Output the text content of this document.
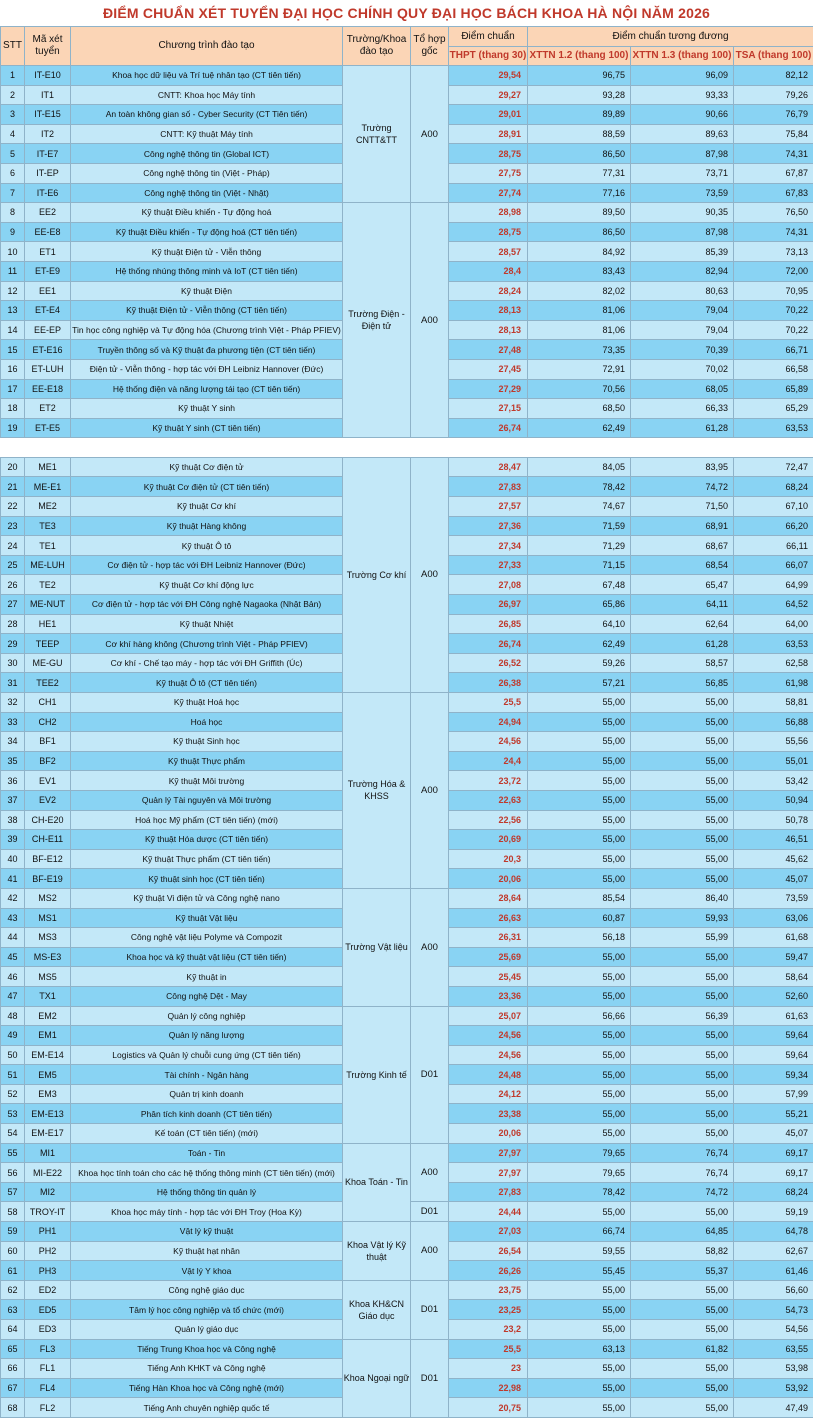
ĐIỂM CHUẨN XÉT TUYỂN ĐẠI HỌC CHÍNH QUY ĐẠI HỌC BÁCH KHOA HÀ NỘI NĂM 2026
STT	Mã xét tuyển	Chương trình đào tạo	Trường/Khoa đào tạo	Tổ hợp gốc	Điểm chuẩn	Điểm chuẩn tương đương		
					THPT (thang 30)	XTTN 1.2 (thang 100)	XTTN 1.3 (thang 100)	TSA (thang 100)
1	IT-E10	Khoa học dữ liệu và Trí tuệ nhân tạo (CT tiên tiến)	Trường CNTT&TT	A00	29,54	96,75	96,09	82,12
2	IT1	CNTT: Khoa học Máy tính			29,27	93,28	93,33	79,26
3	IT-E15	An toàn không gian số - Cyber Security (CT Tiên tiến)			29,01	89,89	90,66	76,79
4	IT2	CNTT: Kỹ thuật Máy tính			28,91	88,59	89,63	75,84
5	IT-E7	Công nghệ thông tin (Global ICT)			28,75	86,50	87,98	74,31
6	IT-EP	Công nghệ thông tin (Việt - Pháp)			27,75	77,31	73,71	67,87
7	IT-E6	Công nghệ thông tin (Việt - Nhật)			27,74	77,16	73,59	67,83
8	EE2	Kỹ thuật Điều khiển - Tự động hoá	Trường Điện - Điện tử	A00	28,98	89,50	90,35	76,50
9	EE-E8	Kỹ thuật Điều khiển - Tự động hoá (CT tiên tiến)			28,75	86,50	87,98	74,31
10	ET1	Kỹ thuật Điện tử - Viễn thông			28,57	84,92	85,39	73,13
11	ET-E9	Hệ thống nhúng thông minh và IoT (CT tiên tiến)			28,4	83,43	82,94	72,00
12	EE1	Kỹ thuật Điện			28,24	82,02	80,63	70,95
13	ET-E4	Kỹ thuật Điện tử - Viễn thông (CT tiên tiến)			28,13	81,06	79,04	70,22
14	EE-EP	Tin học công nghiệp và Tự động hóa (Chương trình Việt - Pháp PFIEV)			28,13	81,06	79,04	70,22
15	ET-E16	Truyền thông số và Kỹ thuật đa phương tiện (CT tiên tiến)			27,48	73,35	70,39	66,71
16	ET-LUH	Điện tử - Viễn thông - hợp tác với ĐH Leibniz Hannover (Đức)			27,45	72,91	70,02	66,58
17	EE-E18	Hệ thống điện và năng lượng tái tạo (CT tiên tiến)			27,29	70,56	68,05	65,89
18	ET2	Kỹ thuật Y sinh			27,15	68,50	66,33	65,29
19	ET-E5	Kỹ thuật Y sinh (CT tiên tiến)			26,74	62,49	61,28	63,53

20	ME1	Kỹ thuật Cơ điện tử	Trường Cơ khí	A00	28,47	84,05	83,95	72,47
21	ME-E1	Kỹ thuật Cơ điện tử (CT tiên tiến)			27,83	78,42	74,72	68,24
22	ME2	Kỹ thuật Cơ khí			27,57	74,67	71,50	67,10
23	TE3	Kỹ thuật Hàng không			27,36	71,59	68,91	66,20
24	TE1	Kỹ thuật Ô tô			27,34	71,29	68,67	66,11
25	ME-LUH	Cơ điện tử - hợp tác với ĐH Leibniz Hannover (Đức)			27,33	71,15	68,54	66,07
26	TE2	Kỹ thuật Cơ khí động lực			27,08	67,48	65,47	64,99
27	ME-NUT	Cơ điện tử - hợp tác với ĐH Công nghệ Nagaoka (Nhật Bản)			26,97	65,86	64,11	64,52
28	HE1	Kỹ thuật Nhiệt			26,85	64,10	62,64	64,00
29	TEEP	Cơ khí hàng không (Chương trình Việt - Pháp PFIEV)			26,74	62,49	61,28	63,53
30	ME-GU	Cơ khí - Chế tạo máy - hợp tác với ĐH Griffith (Úc)			26,52	59,26	58,57	62,58
31	TEE2	Kỹ thuật Ô tô (CT tiên tiến)			26,38	57,21	56,85	61,98
32	CH1	Kỹ thuật Hoá học	Trường Hóa & KHSS	A00	25,5	55,00	55,00	58,81
33	CH2	Hoá học			24,94	55,00	55,00	56,88
34	BF1	Kỹ thuật Sinh học			24,56	55,00	55,00	55,56
35	BF2	Kỹ thuật Thực phẩm			24,4	55,00	55,00	55,01
36	EV1	Kỹ thuật Môi trường			23,72	55,00	55,00	53,42
37	EV2	Quản lý Tài nguyên và Môi trường			22,63	55,00	55,00	50,94
38	CH-E20	Hoá học Mỹ phẩm (CT tiên tiến) (mới)			22,56	55,00	55,00	50,78
39	CH-E11	Kỹ thuật Hóa dược (CT tiên tiến)			20,69	55,00	55,00	46,51
40	BF-E12	Kỹ thuật Thực phẩm (CT tiên tiến)			20,3	55,00	55,00	45,62
41	BF-E19	Kỹ thuật sinh học (CT tiên tiến)			20,06	55,00	55,00	45,07
42	MS2	Kỹ thuật Vi điện tử và Công nghệ nano	Trường Vật liệu	A00	28,64	85,54	86,40	73,59
43	MS1	Kỹ thuật Vật liệu			26,63	60,87	59,93	63,06
44	MS3	Công nghệ vật liệu Polyme và Compozit			26,31	56,18	55,99	61,68
45	MS-E3	Khoa học và kỹ thuật vật liệu (CT tiên tiến)			25,69	55,00	55,00	59,47
46	MS5	Kỹ thuật in			25,45	55,00	55,00	58,64
47	TX1	Công nghệ Dệt - May			23,36	55,00	55,00	52,60
48	EM2	Quản lý công nghiệp	Trường Kinh tế	D01	25,07	56,66	56,39	61,63
49	EM1	Quản lý năng lượng			24,56	55,00	55,00	59,64
50	EM-E14	Logistics và Quản lý chuỗi cung ứng (CT tiên tiến)			24,56	55,00	55,00	59,64
51	EM5	Tài chính - Ngân hàng			24,48	55,00	55,00	59,34
52	EM3	Quản trị kinh doanh			24,12	55,00	55,00	57,99
53	EM-E13	Phân tích kinh doanh (CT tiên tiến)			23,38	55,00	55,00	55,21
54	EM-E17	Kế toán (CT tiên tiến) (mới)			20,06	55,00	55,00	45,07
55	MI1	Toán - Tin	Khoa Toán - Tin	A00	27,97	79,65	76,74	69,17
56	MI-E22	Khoa học tính toán cho các hệ thống thông minh (CT tiên tiến) (mới)			27,97	79,65	76,74	69,17
57	MI2	Hệ thống thông tin quản lý			27,83	78,42	74,72	68,24
58	TROY-IT	Khoa học máy tính - hợp tác với ĐH Troy (Hoa Kỳ)		D01	24,44	55,00	55,00	59,19
59	PH1	Vật lý kỹ thuật	Khoa Vật lý Kỹ thuật	A00	27,03	66,74	64,85	64,78
60	PH2	Kỹ thuật hạt nhân			26,54	59,55	58,82	62,67
61	PH3	Vật lý Y khoa			26,26	55,45	55,37	61,46
62	ED2	Công nghệ giáo dục	Khoa KH&CN Giáo dục	D01	23,75	55,00	55,00	56,60
63	ED5	Tâm lý học công nghiệp và tổ chức (mới)			23,25	55,00	55,00	54,73
64	ED3	Quản lý giáo dục			23,2	55,00	55,00	54,56
65	FL3	Tiếng Trung Khoa học và Công nghệ	Khoa Ngoại ngữ	D01	25,5	63,13	61,82	63,55
66	FL1	Tiếng Anh KHKT và Công nghệ			23	55,00	55,00	53,98
67	FL4	Tiếng Hàn Khoa học và Công nghệ (mới)			22,98	55,00	55,00	53,92
68	FL2	Tiếng Anh chuyên nghiệp quốc tế			20,75	55,00	55,00	47,49
